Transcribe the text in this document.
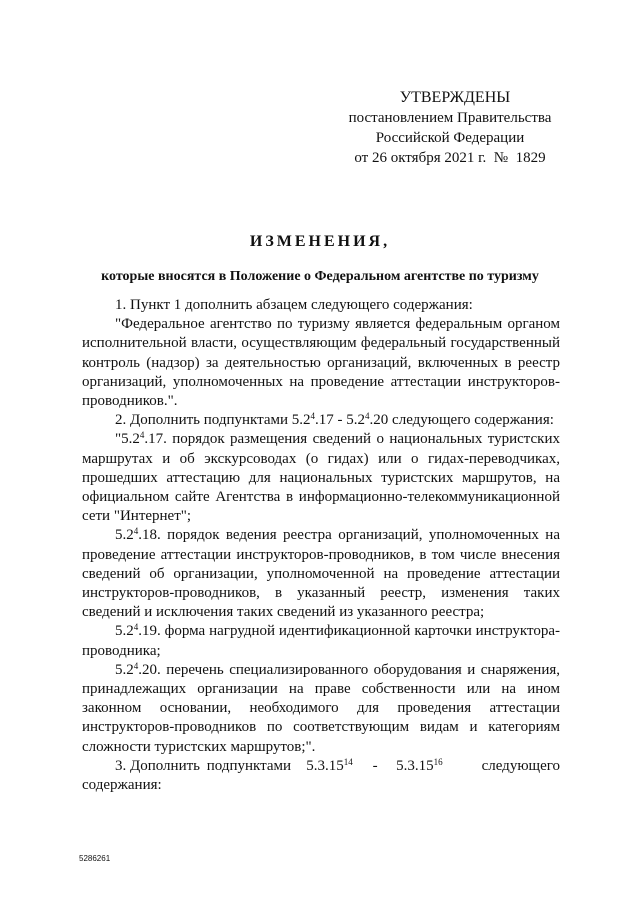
УТВЕРЖДЕНЫ
постановлением Правительства
Российской Федерации
от 26 октября 2021 г.  №  1829
ИЗМЕНЕНИЯ,
которые вносятся в Положение о Федеральном агентстве по туризму

1. Пункт 1 дополнить абзацем следующего содержания:

"Федеральное агентство по туризму является федеральным органом исполнительной власти, осуществляющим федеральный государственный контроль (надзор) за деятельностью организаций, включенных в реестр организаций, уполномоченных на проведение аттестации инструкторов-проводников.".

2. Дополнить подпунктами $5.2^4.17 - 5.2^4.20$ следующего содержания:

"$5.2^4.17$. порядок размещения сведений о национальных туристских маршрутах и об экскурсоводах (о гидах) или о гидах-переводчиках, прошедших аттестацию для национальных туристских маршрутов, на официальном сайте Агентства в информационно-телекоммуникационной сети "Интернет";

$5.2^4.18$. порядок ведения реестра организаций, уполномоченных на проведение аттестации инструкторов-проводников, в том числе внесения сведений об организации, уполномоченной на проведение аттестации инструкторов-проводников, в указанный реестр, изменения таких сведений и исключения таких сведений из указанного реестра;

$5.2^4.19$. форма нагрудной идентификационной карточки инструктора-проводника;

$5.2^4.20$. перечень специализированного оборудования и снаряжения, принадлежащих организации на праве собственности или на ином законном основании, необходимого для проведения аттестации инструкторов-проводников по соответствующим видам и категориям сложности туристских маршрутов;".

3. Дополнить подпунктами	5.3.15$^{14}$	-	5.3.15$^{16}$	следующего
содержания:
5286261
